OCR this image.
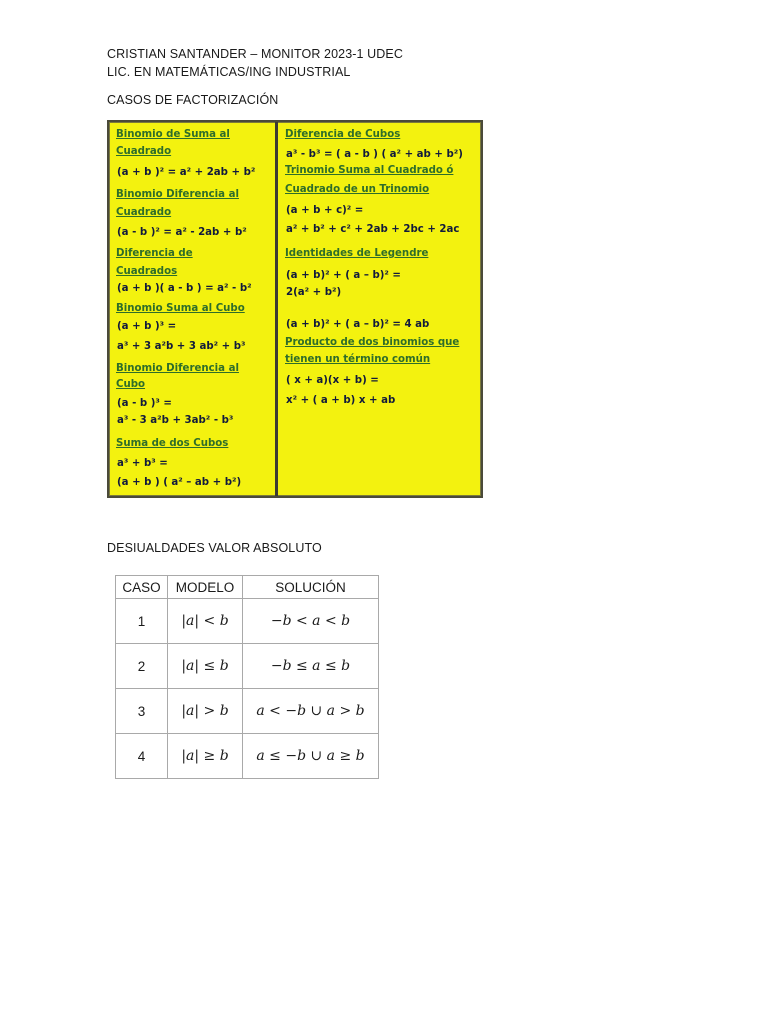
CRISTIAN SANTANDER – MONITOR 2023-1 UDEC
LIC. EN MATEMÁTICAS/ING INDUSTRIAL
CASOS DE FACTORIZACIÓN
Binomio de Suma al
Cuadrado
(a + b )² = a² + 2ab + b²
Binomio Diferencia al
Cuadrado
(a - b )² = a² - 2ab + b²
Diferencia de
Cuadrados
(a + b )( a - b ) = a² - b²
Binomio Suma al Cubo
(a + b )³ =
a³ + 3 a²b + 3 ab² + b³
Binomio Diferencia al
Cubo
(a - b )³ =
a³ - 3 a²b + 3ab² - b³
Suma de dos Cubos
a³ + b³ =
(a + b ) ( a² – ab + b²)
Diferencia de Cubos
a³ - b³ = ( a - b ) ( a² + ab + b²)
Trinomio Suma al Cuadrado ó
Cuadrado de un Trinomio
(a + b + c)² =
a² + b² + c² + 2ab + 2bc + 2ac
Identidades de Legendre
(a + b)² + ( a – b)² =
2(a² + b²)
(a + b)² + ( a – b)² = 4 ab
Producto de dos binomios que
tienen un término común
( x + a)(x + b) =
x² + ( a + b) x + ab
DESIUALDADES VALOR ABSOLUTO
CASO	MODELO	SOLUCIÓN
1	|a| < b	−b < a < b
2	|a| ≤ b	−b ≤ a ≤ b
3	|a| > b	a < −b ∪ a > b
4	|a| ≥ b	a ≤ −b ∪ a ≥ b
